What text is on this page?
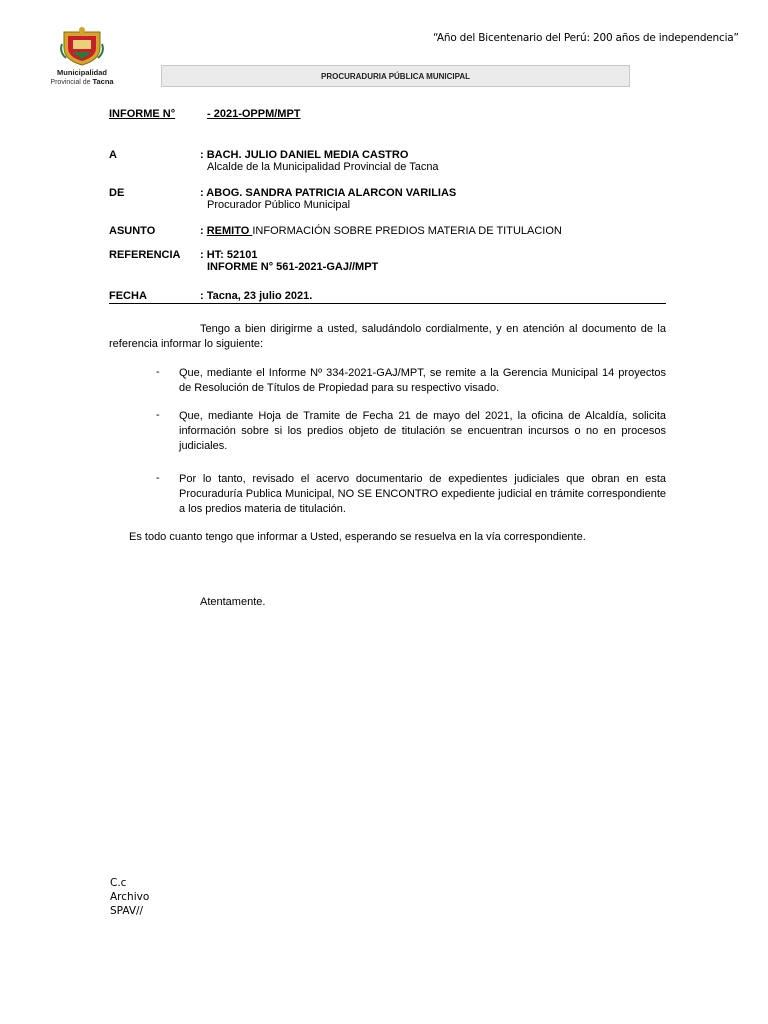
Municipalidad
Provincial de Tacna
“Año del Bicentenario del Perú: 200 años de independencia”
PROCURADURIA PÚBLICA MUNICIPAL
INFORME N°	- 2021-OPPM/MPT
A	: BACH. JULIO DANIEL MEDIA CASTRO
Alcalde de la Municipalidad Provincial de Tacna
DE	: ABOG. SANDRA PATRICIA ALARCON VARILIAS
Procurador Público Municipal
ASUNTO	: REMITO INFORMACIÓN SOBRE PREDIOS MATERIA DE TITULACION
REFERENCIA : HT: 52101
INFORME N° 561-2021-GAJ//MPT
FECHA	: Tacna, 23 julio 2021.
Tengo a bien dirigirme a usted, saludándolo cordialmente, y en atención al documento de la referencia informar lo siguiente:
- Que, mediante el Informe Nº 334-2021-GAJ/MPT, se remite a la Gerencia Municipal 14 proyectos de Resolución de Títulos de Propiedad para su respectivo visado.
- Que, mediante Hoja de Tramite de Fecha 21 de mayo del 2021, la oficina de Alcaldía, solicita información sobre si los predios objeto de titulación se encuentran incursos o no en procesos judiciales.
- Por lo tanto, revisado el acervo documentario de expedientes judiciales que obran en esta Procuraduría Publica Municipal, NO SE ENCONTRO expediente judicial en trámite correspondiente a los predios materia de titulación.
Es todo cuanto tengo que informar a Usted, esperando se resuelva en la vía correspondiente.
Atentamente.
C.c
Archivo
SPAV//
